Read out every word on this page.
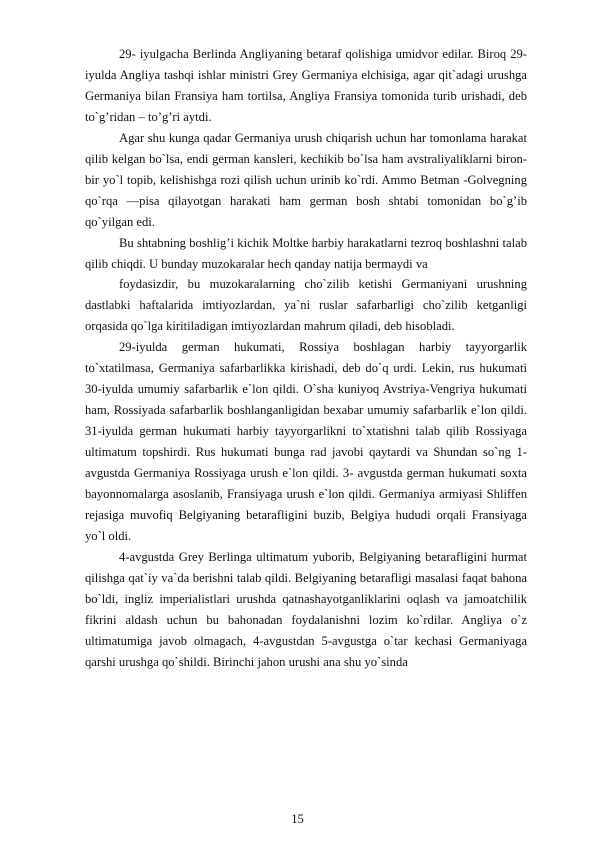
29- iyulgacha Berlinda Angliyaning betaraf qolishiga umidvor edilar. Biroq 29-iyulda Angliya tashqi ishlar ministri Grey Germaniya elchisiga, agar qit`adagi urushga Germaniya bilan Fransiya ham tortilsa, Angliya Fransiya tomonida turib urishadi, deb to`g’ridan – to’g’ri aytdi.

Agar shu kunga qadar Germaniya urush chiqarish uchun har tomonlama harakat qilib kelgan bo`lsa, endi german kansleri, kechikib bo`lsa ham avstraliyaliklarni biron-bir yo`l topib, kelishishga rozi qilish uchun urinib ko`rdi. Ammo Betman -Golvegning qo`rqa —pisa qilayotgan harakati ham german bosh shtabi tomonidan bo`g’ib qo`yilgan edi.

Bu shtabning boshlig’i kichik Moltke harbiy harakatlarni tezroq boshlashni talab qilib chiqdi. U bunday muzokaralar hech qanday natija bermaydi va

foydasizdir, bu muzokaralarning cho`zilib ketishi Germaniyani urushning dastlabki haftalarida imtiyozlardan, ya`ni ruslar safarbarligi cho`zilib ketganligi orqasida qo`lga kiritiladigan imtiyozlardan mahrum qiladi, deb hisobladi.

29-iyulda german hukumati, Rossiya boshlagan harbiy tayyorgarlik to`xtatilmasa, Germaniya safarbarlikka kirishadi, deb do`q urdi. Lekin, rus hukumati 30-iyulda umumiy safarbarlik e`lon qildi. O`sha kuniyoq Avstriya-Vengriya hukumati ham, Rossiyada safarbarlik boshlanganligidan bexabar umumiy safarbarlik e`lon qildi. 31-iyulda german hukumati harbiy tayyorgarlikni to`xtatishni talab qilib Rossiyaga ultimatum topshirdi. Rus hukumati bunga rad javobi qaytardi va Shundan so`ng 1- avgustda Germaniya Rossiyaga urush e`lon qildi. 3- avgustda german hukumati soxta bayonnomalarga asoslanib, Fransiyaga urush e`lon qildi. Germaniya armiyasi Shliffen rejasiga muvofiq Belgiyaning betarafligini buzib, Belgiya hududi orqali Fransiyaga yo`l oldi.

4-avgustda Grey Berlinga ultimatum yuborib, Belgiyaning betarafligini hurmat qilishga qat`iy va`da berishni talab qildi. Belgiyaning betarafligi masalasi faqat bahona bo`ldi, ingliz imperialistlari urushda qatnashayotganliklarini oqlash va jamoatchilik fikrini aldash uchun bu bahonadan foydalanishni lozim ko`rdilar. Angliya o`z ultimatumiga javob olmagach, 4-avgustdan 5-avgustga o`tar kechasi Germaniyaga qarshi urushga qo`shildi. Birinchi jahon urushi ana shu yo`sinda

15
